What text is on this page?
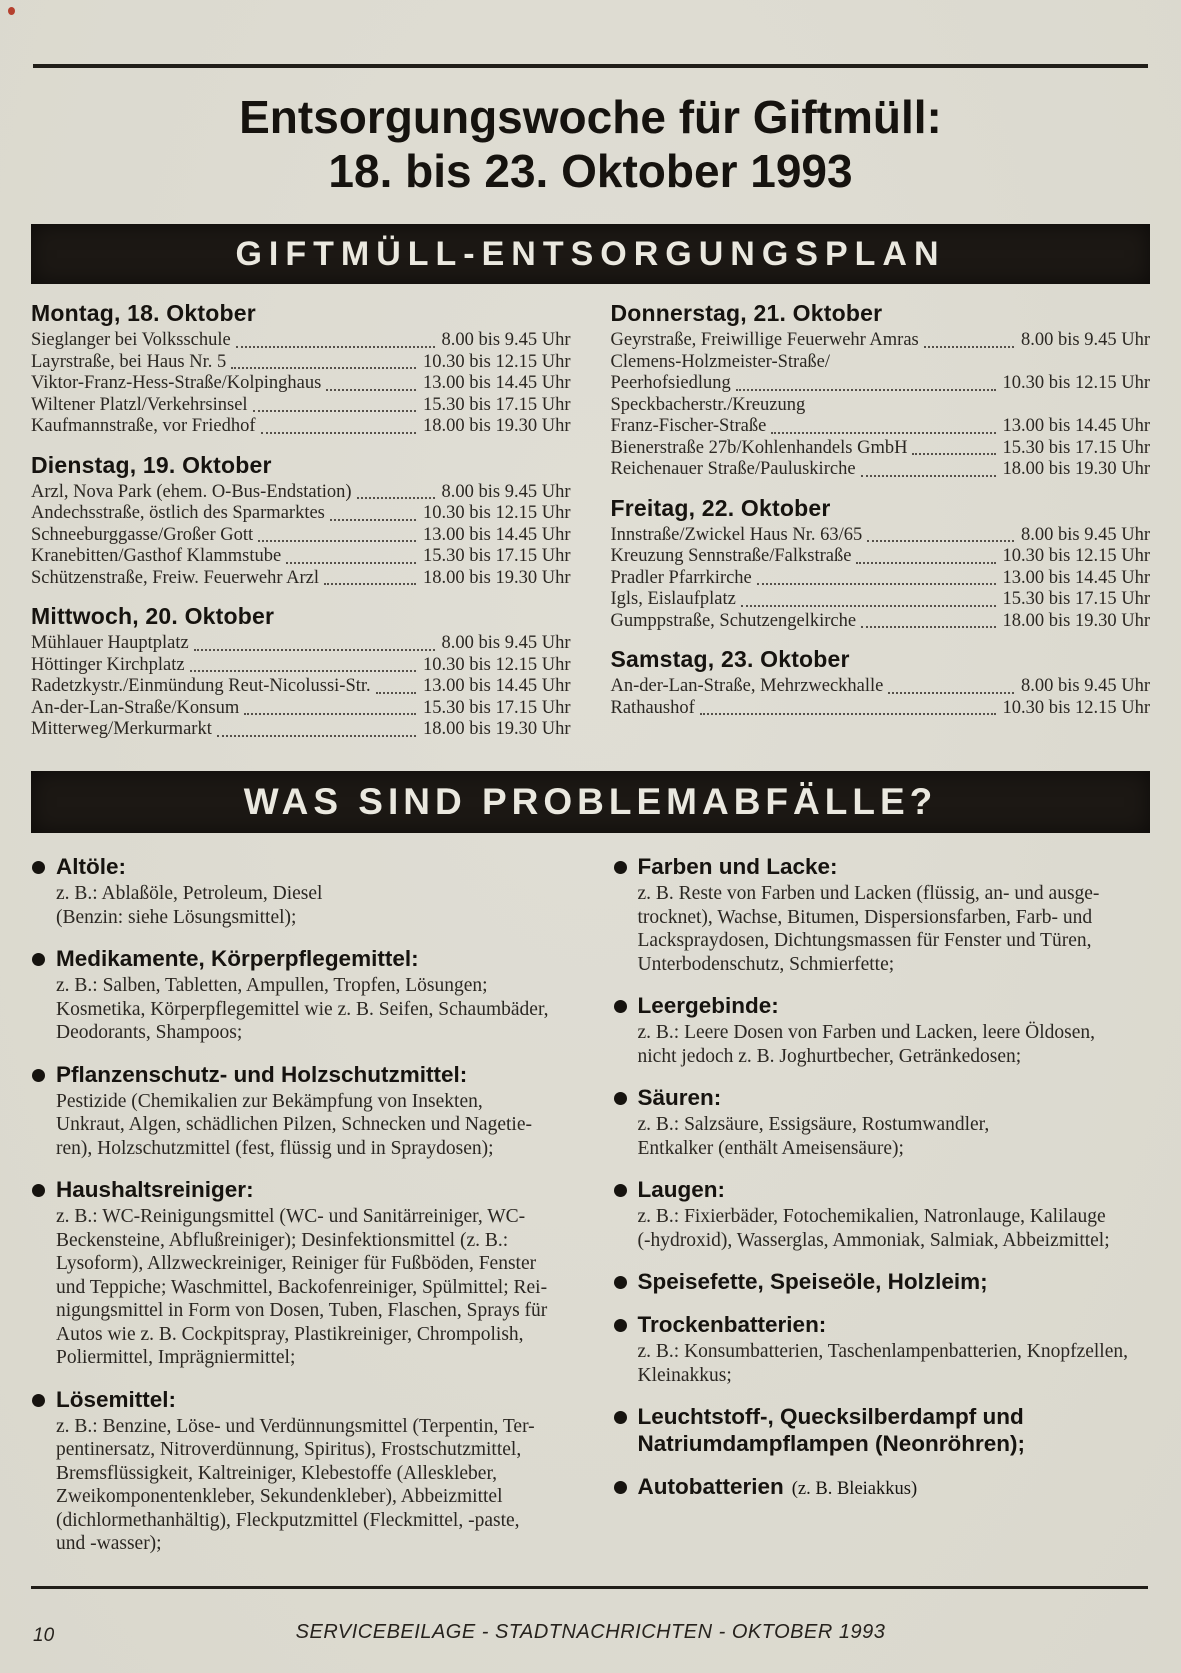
Entsorgungswoche für Giftmüll:
18. bis 23. Oktober 1993
GIFTMÜLL-ENTSORGUNGSPLAN
Montag, 18. Oktober
Sieglanger bei Volksschule	8.00 bis 9.45 Uhr
Layrstraße, bei Haus Nr. 5	10.30 bis 12.15 Uhr
Viktor-Franz-Hess-Straße/Kolpinghaus	13.00 bis 14.45 Uhr
Wiltener Platzl/Verkehrsinsel	15.30 bis 17.15 Uhr
Kaufmannstraße, vor Friedhof	18.00 bis 19.30 Uhr
Dienstag, 19. Oktober
Arzl, Nova Park (ehem. O-Bus-Endstation)	8.00 bis 9.45 Uhr
Andechsstraße, östlich des Sparmarktes	10.30 bis 12.15 Uhr
Schneeburggasse/Großer Gott	13.00 bis 14.45 Uhr
Kranebitten/Gasthof Klammstube	15.30 bis 17.15 Uhr
Schützenstraße, Freiw. Feuerwehr Arzl	18.00 bis 19.30 Uhr
Mittwoch, 20. Oktober
Mühlauer Hauptplatz	8.00 bis 9.45 Uhr
Höttinger Kirchplatz	10.30 bis 12.15 Uhr
Radetzkystr./Einmündung Reut-Nicolussi-Str.	13.00 bis 14.45 Uhr
An-der-Lan-Straße/Konsum	15.30 bis 17.15 Uhr
Mitterweg/Merkurmarkt	18.00 bis 19.30 Uhr
Donnerstag, 21. Oktober
Geyrstraße, Freiwillige Feuerwehr Amras	8.00 bis 9.45 Uhr
Clemens-Holzmeister-Straße/
Peerhofsiedlung	10.30 bis 12.15 Uhr
Speckbacherstr./Kreuzung
Franz-Fischer-Straße	13.00 bis 14.45 Uhr
Bienerstraße 27b/Kohlenhandels GmbH	15.30 bis 17.15 Uhr
Reichenauer Straße/Pauluskirche	18.00 bis 19.30 Uhr
Freitag, 22. Oktober
Innstraße/Zwickel Haus Nr. 63/65	8.00 bis 9.45 Uhr
Kreuzung Sennstraße/Falkstraße	10.30 bis 12.15 Uhr
Pradler Pfarrkirche	13.00 bis 14.45 Uhr
Igls, Eislaufplatz	15.30 bis 17.15 Uhr
Gumppstraße, Schutzengelkirche	18.00 bis 19.30 Uhr
Samstag, 23. Oktober
An-der-Lan-Straße, Mehrzweckhalle	8.00 bis 9.45 Uhr
Rathaushof	10.30 bis 12.15 Uhr
WAS SIND PROBLEMABFÄLLE?
Altöle:
z. B.: Ablaßöle, Petroleum, Diesel
(Benzin: siehe Lösungsmittel);
Medikamente, Körperpflegemittel:
z. B.: Salben, Tabletten, Ampullen, Tropfen, Lösungen;
Kosmetika, Körperpflegemittel wie z. B. Seifen, Schaumbäder,
Deodorants, Shampoos;
Pflanzenschutz- und Holzschutzmittel:
Pestizide (Chemikalien zur Bekämpfung von Insekten,
Unkraut, Algen, schädlichen Pilzen, Schnecken und Nagetie-
ren), Holzschutzmittel (fest, flüssig und in Spraydosen);
Haushaltsreiniger:
z. B.: WC-Reinigungsmittel (WC- und Sanitärreiniger, WC-
Beckensteine, Abflußreiniger); Desinfektionsmittel (z. B.:
Lysoform), Allzweckreiniger, Reiniger für Fußböden, Fenster
und Teppiche; Waschmittel, Backofenreiniger, Spülmittel; Rei-
nigungsmittel in Form von Dosen, Tuben, Flaschen, Sprays für
Autos wie z. B. Cockpitspray, Plastikreiniger, Chrompolish,
Poliermittel, Imprägniermittel;
Lösemittel:
z. B.: Benzine, Löse- und Verdünnungsmittel (Terpentin, Ter-
pentinersatz, Nitroverdünnung, Spiritus), Frostschutzmittel,
Bremsflüssigkeit, Kaltreiniger, Klebestoffe (Alleskleber,
Zweikomponentenkleber, Sekundenkleber), Abbeizmittel
(dichlormethanhältig), Fleckputzmittel (Fleckmittel, -paste,
und -wasser);
Farben und Lacke:
z. B. Reste von Farben und Lacken (flüssig, an- und ausge-
trocknet), Wachse, Bitumen, Dispersionsfarben, Farb- und
Lackspraydosen, Dichtungsmassen für Fenster und Türen,
Unterbodenschutz, Schmierfette;
Leergebinde:
z. B.: Leere Dosen von Farben und Lacken, leere Öldosen,
nicht jedoch z. B. Joghurtbecher, Getränkedosen;
Säuren:
z. B.: Salzsäure, Essigsäure, Rostumwandler,
Entkalker (enthält Ameisensäure);
Laugen:
z. B.: Fixierbäder, Fotochemikalien, Natronlauge, Kalilauge
(-hydroxid), Wasserglas, Ammoniak, Salmiak, Abbeizmittel;
Speisefette, Speiseöle, Holzleim;
Trockenbatterien:
z. B.: Konsumbatterien, Taschenlampenbatterien, Knopfzellen,
Kleinakkus;
Leuchtstoff-, Quecksilberdampf und
Natriumdampflampen (Neonröhren);
Autobatterien (z. B. Bleiakkus)
10	SERVICEBEILAGE - STADTNACHRICHTEN - OKTOBER 1993
